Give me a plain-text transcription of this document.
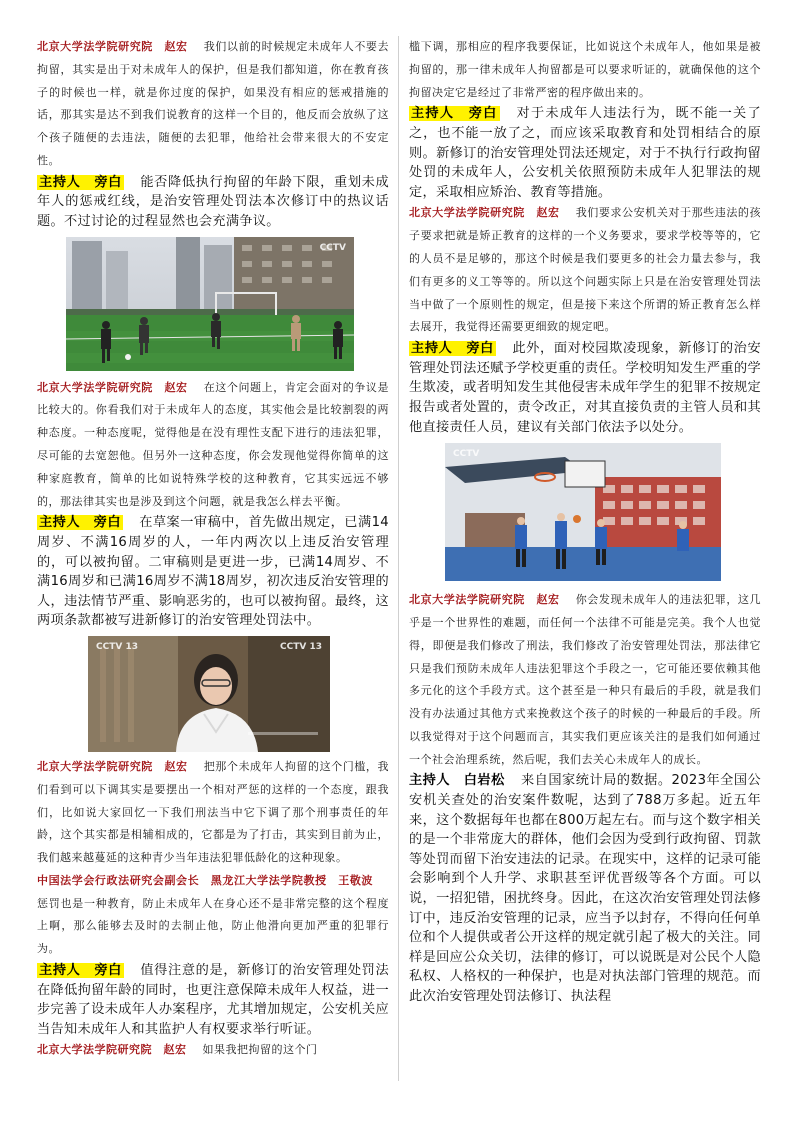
北京大学法学院研究院　赵宏 我们以前的时候规定未成年人不要去拘留，其实是出于对未成年人的保护，但是我们都知道，你在教育孩子的时候也一样，就是你过度的保护，如果没有相应的惩戒措施的话，那其实是达不到我们说教育的这样一个目的，他反而会放纵了这个孩子随便的去违法，随便的去犯罪，他给社会带来很大的不安定性。

主持人　旁白 能否降低执行拘留的年龄下限，重划未成年人的惩戒红线，是治安管理处罚法本次修订中的热议话题。不过讨论的过程显然也会充满争议。

CCTV

北京大学法学院研究院　赵宏 在这个问题上，肯定会面对的争议是比较大的。你看我们对于未成年人的态度，其实他会是比较割裂的两种态度。一种态度呢，觉得他是在没有理性支配下进行的违法犯罪，尽可能的去宽恕他。但另外一这种态度，你会发现他觉得你简单的这种家庭教育，简单的比如说特殊学校的这种教育，它其实远远不够的，那法律其实也是涉及到这个问题，就是我怎么样去平衡。

主持人　旁白 在草案一审稿中，首先做出规定，已满14周岁、不满16周岁的人，一年内两次以上违反治安管理的，可以被拘留。二审稿则是更进一步，已满14周岁、不满16周岁和已满16周岁不满18周岁，初次违反治安管理的人，违法情节严重、影响恶劣的，也可以被拘留。最终，这两项条款都被写进新修订的治安管理处罚法中。

CCTV 13	CCTV 13

北京大学法学院研究院　赵宏 把那个未成年人拘留的这个门槛，我们看到可以下调其实是要摆出一个相对严惩的这样的一个态度，跟我们，比如说大家回忆一下我们刑法当中它下调了那个刑事责任的年龄，这个其实都是相辅相成的，它都是为了打击，其实到目前为止，我们越来越蔓延的这种青少当年违法犯罪低龄化的这种现象。

中国法学会行政法研究会副会长　黑龙江大学法学院教授　王敬波惩罚也是一种教育，防止未成年人在身心还不是非常完整的这个程度上啊，那么能够去及时的去制止他，防止他滑向更加严重的犯罪行为。

主持人　旁白 值得注意的是，新修订的治安管理处罚法在降低拘留年龄的同时，也更注意保障未成年人权益，进一步完善了设未成年人办案程序，尤其增加规定，公安机关应当告知未成年人和其监护人有权要求举行听证。

北京大学法学院研究院　赵宏 如果我把拘留的这个门

槛下调，那相应的程序我要保证，比如说这个未成年人，他如果是被拘留的，那一律未成年人拘留都是可以要求听证的，就确保他的这个拘留决定它是经过了非常严密的程序做出来的。

主持人　旁白 对于未成年人违法行为，既不能一关了之，也不能一放了之，而应该采取教育和处罚相结合的原则。新修订的治安管理处罚法还规定，对于不执行行政拘留处罚的未成年人，公安机关依照预防未成年人犯罪法的规定，采取相应矫治、教育等措施。

北京大学法学院研究院　赵宏 我们要求公安机关对于那些违法的孩子要求把就是矫正教育的这样的一个义务要求，要求学校等等的，它的人员不是足够的，那这个时候是我们要更多的社会力量去参与，我们有更多的义工等等的。所以这个问题实际上只是在治安管理处罚法当中做了一个原则性的规定，但是接下来这个所谓的矫正教育怎么样去展开，我觉得还需要更细致的规定吧。

主持人　旁白 此外，面对校园欺凌现象，新修订的治安管理处罚法还赋予学校更重的责任。学校明知发生严重的学生欺凌，或者明知发生其他侵害未成年学生的犯罪不按规定报告或者处置的，责令改正，对其直接负责的主管人员和其他直接责任人员，建议有关部门依法予以处分。

CCTV

北京大学法学院研究院　赵宏 你会发现未成年人的违法犯罪，这几乎是一个世界性的难题，而任何一个法律不可能是完美。我个人也觉得，即便是我们修改了刑法，我们修改了治安管理处罚法，那法律它只是我们预防未成年人违法犯罪这个手段之一，它可能还要依赖其他多元化的这个手段方式。这个甚至是一种只有最后的手段，就是我们没有办法通过其他方式来挽救这个孩子的时候的一种最后的手段。所以我觉得对于这个问题而言，其实我们更应该关注的是我们如何通过一个社会治理系统，然后呢，我们去关心未成年人的成长。

主持人　白岩松 来自国家统计局的数据。2023年全国公安机关查处的治安案件数呢，达到了788万多起。近五年来，这个数据每年也都在800万起左右。而与这个数字相关的是一个非常庞大的群体，他们会因为受到行政拘留、罚款等处罚而留下治安违法的记录。在现实中，这样的记录可能会影响到个人升学、求职甚至评优晋级等各个方面。可以说，一招犯错，困扰终身。因此，在这次治安管理处罚法修订中，违反治安管理的记录，应当予以封存，不得向任何单位和个人提供或者公开这样的规定就引起了极大的关注。同样是回应公众关切，法律的修订，可以说既是对公民个人隐私权、人格权的一种保护，也是对执法部门管理的规范。而此次治安管理处罚法修订、执法程
